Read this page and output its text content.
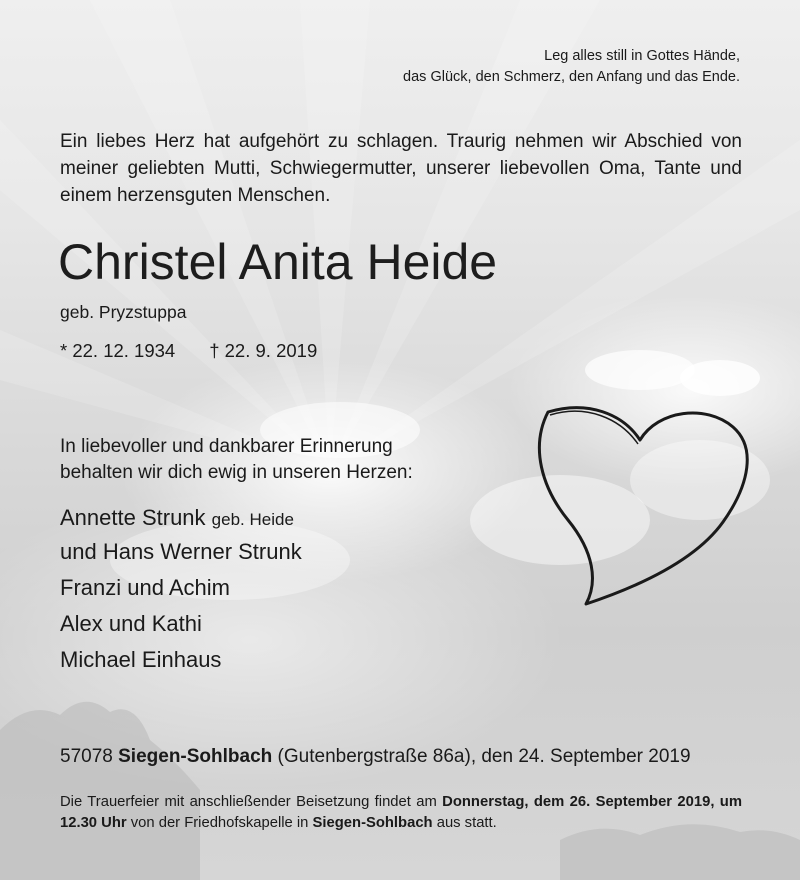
Leg alles still in Gottes Hände,
das Glück, den Schmerz, den Anfang und das Ende.

Ein liebes Herz hat aufgehört zu schlagen. Traurig nehmen wir Abschied von meiner geliebten Mutti, Schwiegermutter, unserer liebevollen Oma, Tante und einem herzensguten Menschen.

Christel Anita Heide
geb. Pryzstuppa
* 22. 12. 1934 † 22. 9. 2019
In liebevoller und dankbarer Erinnerung
behalten wir dich ewig in unseren Herzen:
Annette Strunk geb. Heide
und Hans Werner Strunk
Franzi und Achim
Alex und Kathi
Michael Einhaus
57078 Siegen-Sohlbach (Gutenbergstraße 86a), den 24. September 2019

Die Trauerfeier mit anschließender Beisetzung findet am Donnerstag, dem 26. September 2019, um 12.30 Uhr von der Friedhofskapelle in Siegen-Sohlbach aus statt.
